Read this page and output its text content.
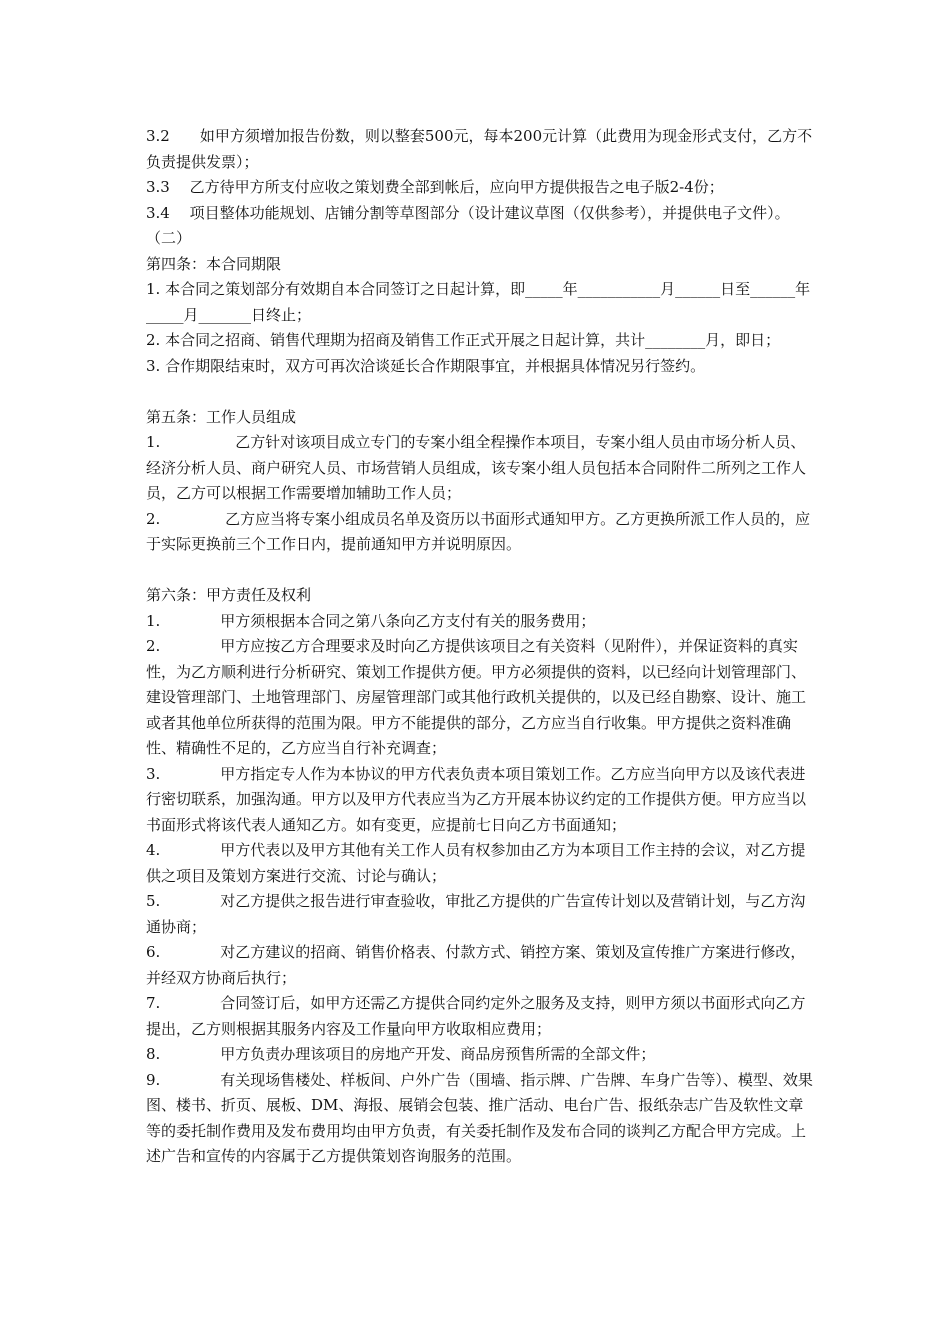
3.2　　如甲方须增加报告份数，则以整套500元，每本200元计算（此费用为现金形式支付，乙方不负责提供发票）；

3.3　 乙方待甲方所支付应收之策划费全部到帐后，应向甲方提供报告之电子版2-4份；

3.4　 项目整体功能规划、店铺分割等草图部分（设计建议草图（仅供参考），并提供电子文件）。

（二）

第四条：本合同期限

1. 本合同之策划部分有效期自本合同签订之日起计算，即_____年___________月______日至______年_____月_______日终止；

2. 本合同之招商、销售代理期为招商及销售工作正式开展之日起计算，共计________月，即日；

3. 合作期限结束时，双方可再次洽谈延长合作期限事宜，并根据具体情况另行签约。

第五条：工作人员组成

1.　　　　　乙方针对该项目成立专门的专案小组全程操作本项目，专案小组人员由市场分析人员、经济分析人员、商户研究人员、市场营销人员组成，该专案小组人员包括本合同附件二所列之工作人员，乙方可以根据工作需要增加辅助工作人员；

2.　　　　 乙方应当将专案小组成员名单及资历以书面形式通知甲方。乙方更换所派工作人员的，应于实际更换前三个工作日内，提前通知甲方并说明原因。

第六条：甲方责任及权利

1.　　　　甲方须根据本合同之第八条向乙方支付有关的服务费用；

2.　　　　甲方应按乙方合理要求及时向乙方提供该项目之有关资料（见附件），并保证资料的真实性，为乙方顺利进行分析研究、策划工作提供方便。甲方必须提供的资料，以已经向计划管理部门、建设管理部门、土地管理部门、房屋管理部门或其他行政机关提供的，以及已经自勘察、设计、施工或者其他单位所获得的范围为限。甲方不能提供的部分，乙方应当自行收集。甲方提供之资料准确性、精确性不足的，乙方应当自行补充调查；

3.　　　　甲方指定专人作为本协议的甲方代表负责本项目策划工作。乙方应当向甲方以及该代表进行密切联系，加强沟通。甲方以及甲方代表应当为乙方开展本协议约定的工作提供方便。甲方应当以书面形式将该代表人通知乙方。如有变更，应提前七日向乙方书面通知；

4.　　　　甲方代表以及甲方其他有关工作人员有权参加由乙方为本项目工作主持的会议，对乙方提供之项目及策划方案进行交流、讨论与确认；

5.　　　　对乙方提供之报告进行审查验收，审批乙方提供的广告宣传计划以及营销计划，与乙方沟通协商；

6.　　　　对乙方建议的招商、销售价格表、付款方式、销控方案、策划及宣传推广方案进行修改，并经双方协商后执行；

7.　　　　合同签订后，如甲方还需乙方提供合同约定外之服务及支持，则甲方须以书面形式向乙方提出，乙方则根据其服务内容及工作量向甲方收取相应费用；

8.　　　　甲方负责办理该项目的房地产开发、商品房预售所需的全部文件；

9.　　　　有关现场售楼处、样板间、户外广告（围墙、指示牌、广告牌、车身广告等）、模型、效果图、楼书、折页、展板、DM、海报、展销会包装、推广活动、电台广告、报纸杂志广告及软性文章等的委托制作费用及发布费用均由甲方负责，有关委托制作及发布合同的谈判乙方配合甲方完成。上述广告和宣传的内容属于乙方提供策划咨询服务的范围。
